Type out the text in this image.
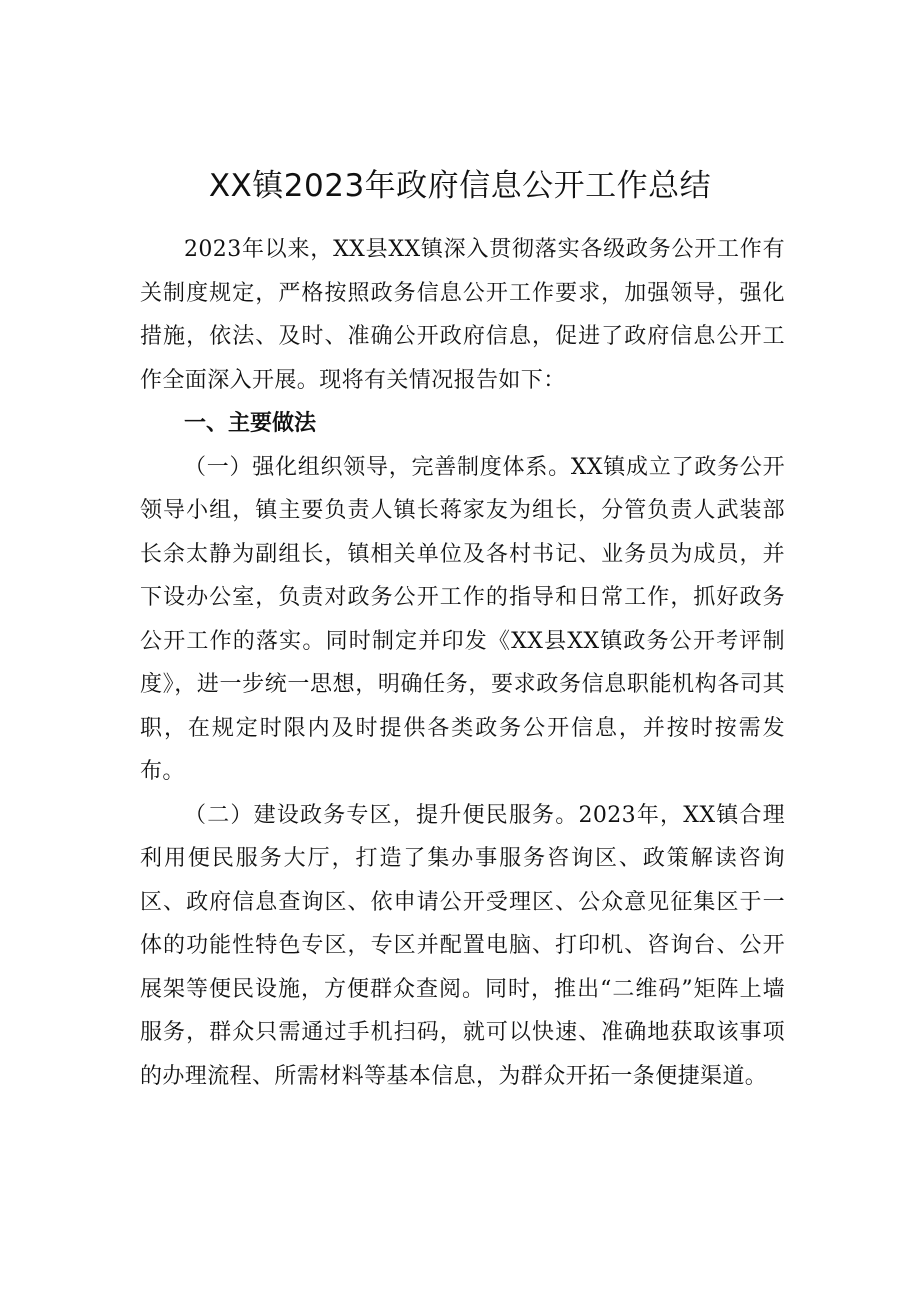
XX镇2023年政府信息公开工作总结

2023年以来，XX县XX镇深入贯彻落实各级政务公开工作有关制度规定，严格按照政务信息公开工作要求，加强领导，强化措施，依法、及时、准确公开政府信息，促进了政府信息公开工作全面深入开展。现将有关情况报告如下：

一、主要做法

（一）强化组织领导，完善制度体系。XX镇成立了政务公开领导小组，镇主要负责人镇长蒋家友为组长，分管负责人武装部长余太静为副组长，镇相关单位及各村书记、业务员为成员，并下设办公室，负责对政务公开工作的指导和日常工作，抓好政务公开工作的落实。同时制定并印发《XX县XX镇政务公开考评制度》，进一步统一思想，明确任务，要求政务信息职能机构各司其职，在规定时限内及时提供各类政务公开信息，并按时按需发布。

（二）建设政务专区，提升便民服务。2023年，XX镇合理利用便民服务大厅，打造了集办事服务咨询区、政策解读咨询区、政府信息查询区、依申请公开受理区、公众意见征集区于一体的功能性特色专区，专区并配置电脑、打印机、咨询台、公开展架等便民设施，方便群众查阅。同时，推出“二维码”矩阵上墙服务，群众只需通过手机扫码，就可以快速、准确地获取该事项的办理流程、所需材料等基本信息，为群众开拓一条便捷渠道。
